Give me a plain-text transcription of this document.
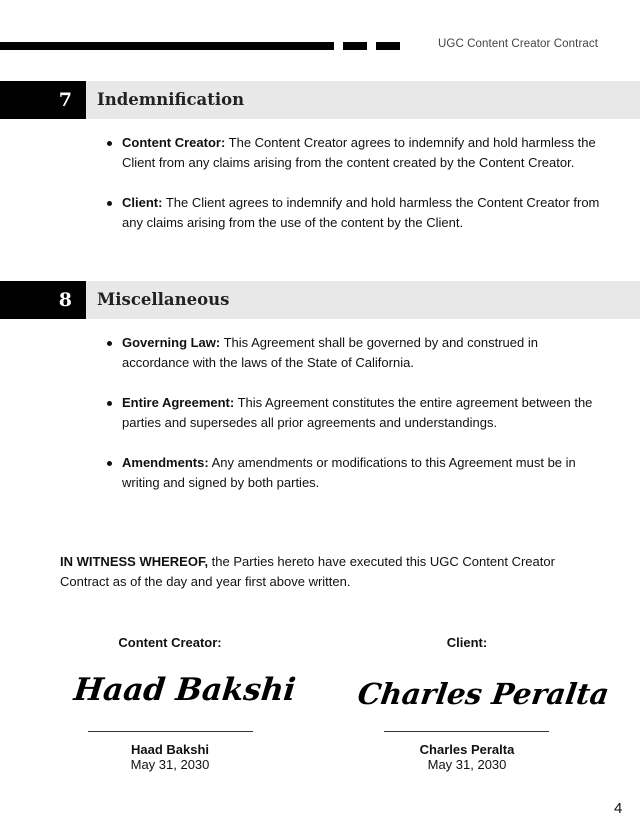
UGC Content Creator Contract
7	Indemnification
Content Creator: The Content Creator agrees to indemnify and hold harmless the Client from any claims arising from the content created by the Content Creator.
Client: The Client agrees to indemnify and hold harmless the Content Creator from any claims arising from the use of the content by the Client.
8	Miscellaneous
Governing Law: This Agreement shall be governed by and construed in accordance with the laws of the State of California.
Entire Agreement: This Agreement constitutes the entire agreement between the parties and supersedes all prior agreements and understandings.
Amendments: Any amendments or modifications to this Agreement must be in writing and signed by both parties.
IN WITNESS WHEREOF, the Parties hereto have executed this UGC Content Creator Contract as of the day and year first above written.
Content Creator:
Haad Bakshi
Haad Bakshi
May 31, 2030
Client:
Charles Peralta
Charles Peralta
May 31, 2030
4
